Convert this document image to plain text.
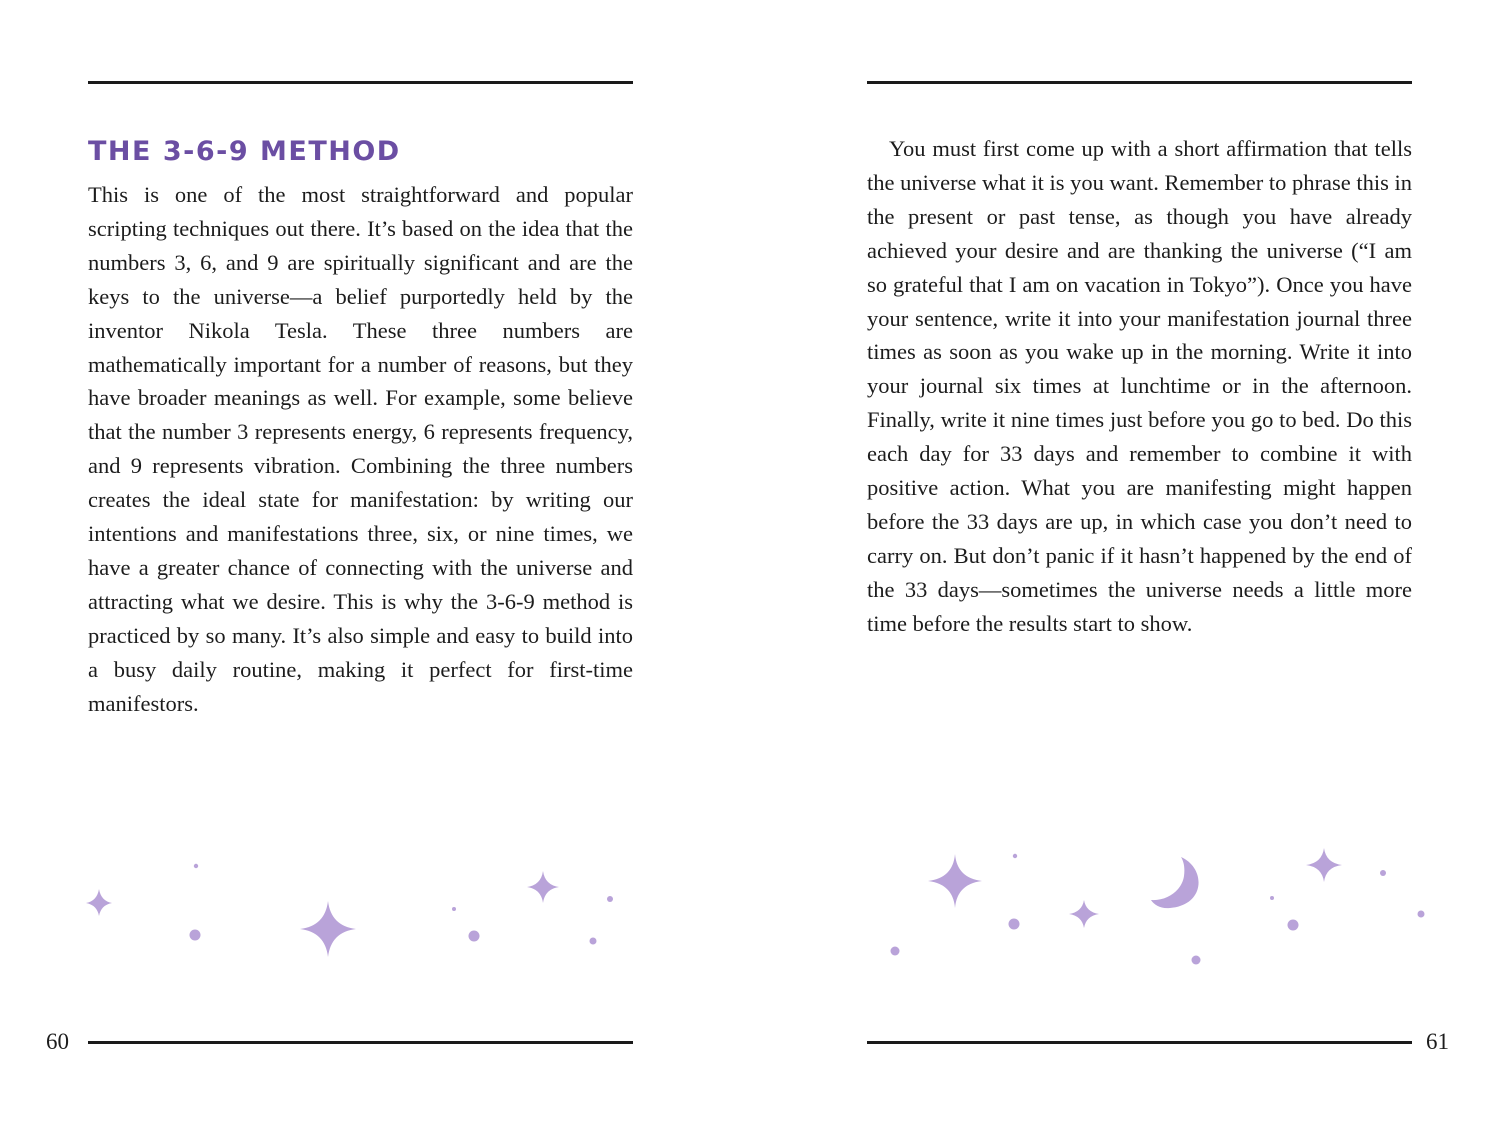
THE 3-6-9 METHOD

This is one of the most straightforward and popular scripting techniques out there. It’s based on the idea that the numbers 3, 6, and 9 are spiritually significant and are the keys to the universe—a belief purportedly held by the inventor Nikola Tesla. These three numbers are mathematically important for a number of reasons, but they have broader meanings as well. For example, some believe that the number 3 represents energy, 6 represents frequency, and 9 represents vibration. Combining the three numbers creates the ideal state for manifestation: by writing our intentions and manifestations three, six, or nine times, we have a greater chance of connecting with the universe and attracting what we desire. This is why the 3-6-9 method is practiced by so many. It’s also simple and easy to build into a busy daily routine, making it perfect for first-time manifestors.

60

You must first come up with a short affirmation that tells the universe what it is you want. Remember to phrase this in the present or past tense, as though you have already achieved your desire and are thanking the universe (“I am so grateful that I am on vacation in Tokyo”). Once you have your sentence, write it into your manifestation journal three times as soon as you wake up in the morning. Write it into your journal six times at lunchtime or in the afternoon. Finally, write it nine times just before you go to bed. Do this each day for 33 days and remember to combine it with positive action. What you are manifesting might happen before the 33 days are up, in which case you don’t need to carry on. But don’t panic if it hasn’t happened by the end of the 33 days—sometimes the universe needs a little more time before the results start to show.

61
